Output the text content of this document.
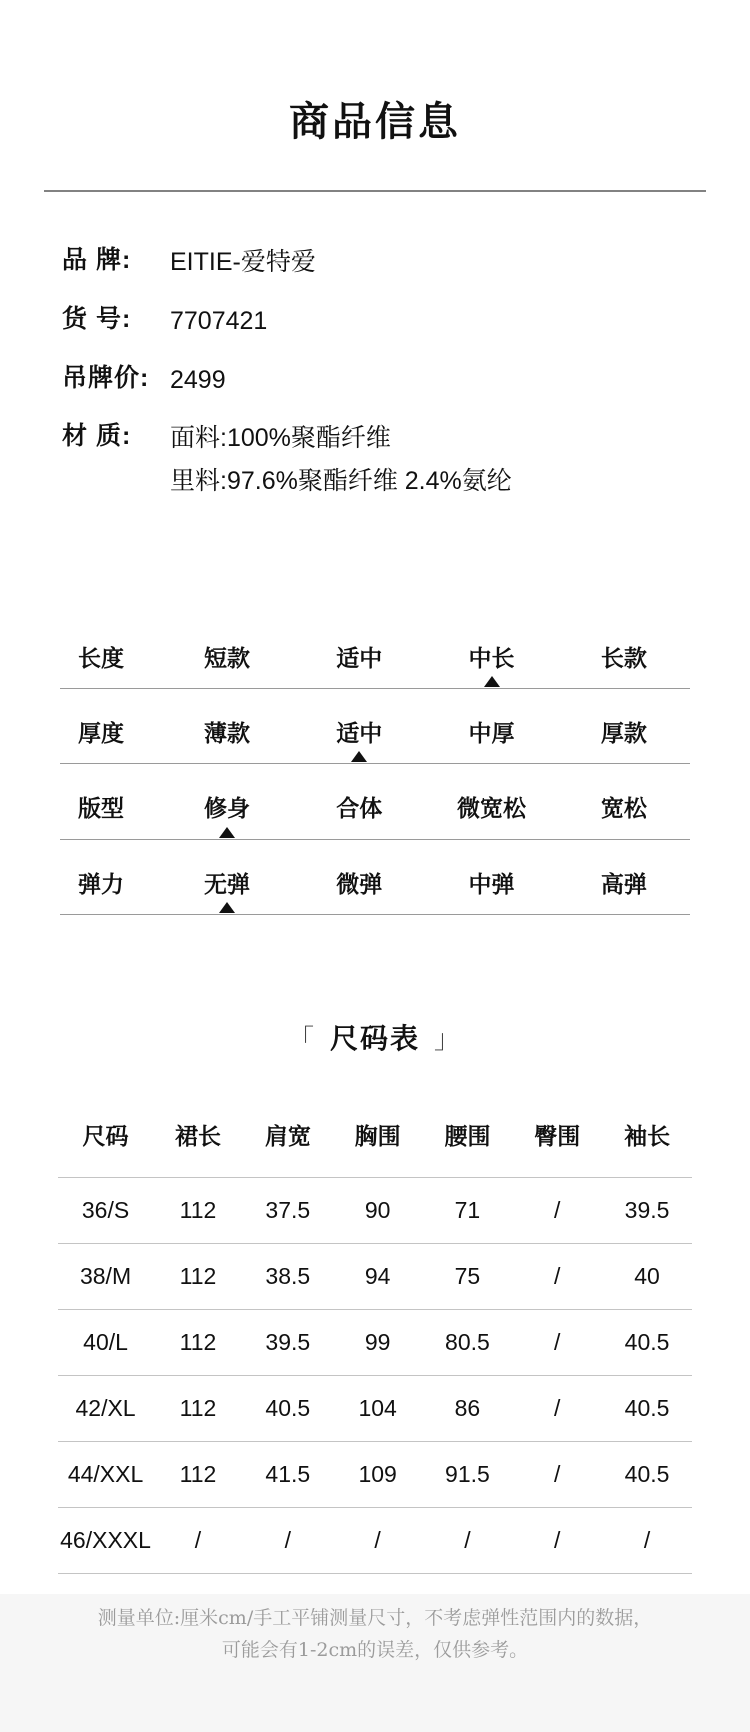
商品信息
品 牌:	EITIE-爱特爱
货 号:	7707421
吊牌价: 2499
材 质:	面料:100%聚酯纤维
里料:97.6%聚酯纤维 2.4%氨纶
长度	短款	适中	中长	长款
厚度	薄款	适中	中厚	厚款
版型	修身	合体	微宽松	宽松
弹力	无弹	微弹	中弹	高弹
「 尺码表 」
尺码	裙长	肩宽	胸围	腰围	臀围	袖长
36/S	112	37.5	90	71	/	39.5
38/M	112	38.5	94	75	/	40
40/L	112	39.5	99	80.5	/	40.5
42/XL	112	40.5	104	86	/	40.5
44/XXL	112	41.5	109	91.5	/	40.5
46/XXXL	/	/	/	/	/	/
测量单位:厘米cm/手工平铺测量尺寸，不考虑弹性范围内的数据，
可能会有1-2cm的误差，仅供参考。
